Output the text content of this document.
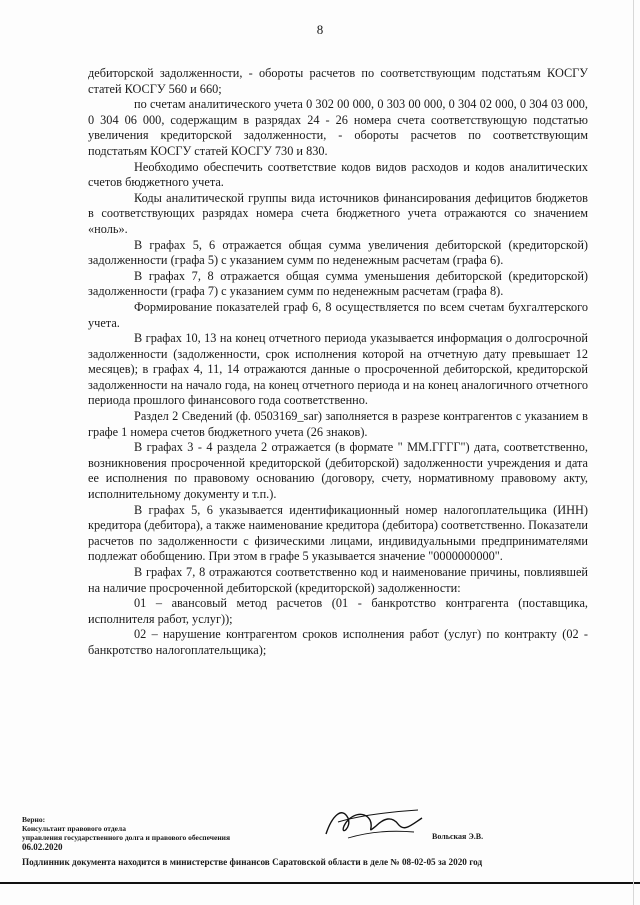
8

дебиторской задолженности, - обороты расчетов по соответствующим подстатьям КОСГУ статей КОСГУ 560 и 660;

по счетам аналитического учета 0 302 00 000, 0 303 00 000, 0 304 02 000, 0 304 03 000, 0 304 06 000, содержащим в разрядах 24 - 26 номера счета соответствующую подстатью увеличения кредиторской задолженности, - обороты расчетов по соответствующим подстатьям КОСГУ статей КОСГУ 730 и 830.

Необходимо обеспечить соответствие кодов видов расходов и кодов аналитических счетов бюджетного учета.

Коды аналитической группы вида источников финансирования дефицитов бюджетов в соответствующих разрядах номера счета бюджетного учета отражаются со значением «ноль».

В графах 5, 6 отражается общая сумма увеличения дебиторской (кредиторской) задолженности (графа 5) с указанием сумм по неденежным расчетам (графа 6).

В графах 7, 8 отражается общая сумма уменьшения дебиторской (кредиторской) задолженности (графа 7) с указанием сумм по неденежным расчетам (графа 8).

Формирование показателей граф 6, 8 осуществляется по всем счетам бухгалтерского учета.

В графах 10, 13 на конец отчетного периода указывается информация о долгосрочной задолженности (задолженности, срок исполнения которой на отчетную дату превышает 12 месяцев); в графах 4, 11, 14 отражаются данные о просроченной дебиторской, кредиторской задолженности на начало года, на конец отчетного периода и на конец аналогичного отчетного периода прошлого финансового года соответственно.

Раздел 2 Сведений (ф. 0503169_sar) заполняется в разрезе контрагентов с указанием в графе 1 номера счетов бюджетного учета (26 знаков).

В графах 3 - 4 раздела 2 отражается (в формате " ММ.ГГГГ") дата, соответственно, возникновения просроченной кредиторской (дебиторской) задолженности учреждения и дата ее исполнения по правовому основанию (договору, счету, нормативному правовому акту, исполнительному документу и т.п.).

В графах 5, 6 указывается идентификационный номер налогоплательщика (ИНН) кредитора (дебитора), а также наименование кредитора (дебитора) соответственно. Показатели расчетов по задолженности с физическими лицами, индивидуальными предпринимателями подлежат обобщению. При этом в графе 5 указывается значение "0000000000".

В графах 7, 8 отражаются соответственно код и наименование причины, повлиявшей на наличие просроченной дебиторской (кредиторской) задолженности:

01 – авансовый метод расчетов (01 - банкротство контрагента (поставщика, исполнителя работ, услуг));

02 – нарушение контрагентом сроков исполнения работ (услуг) по контракту (02 - банкротство налогоплательщика);

Верно:
Консультант правового отдела
управления государственного долга и правового обеспечения
06.02.2020
Вольская Э.В.
Подлинник документа находится в министерстве финансов Саратовской области в деле № 08-02-05 за 2020 год
